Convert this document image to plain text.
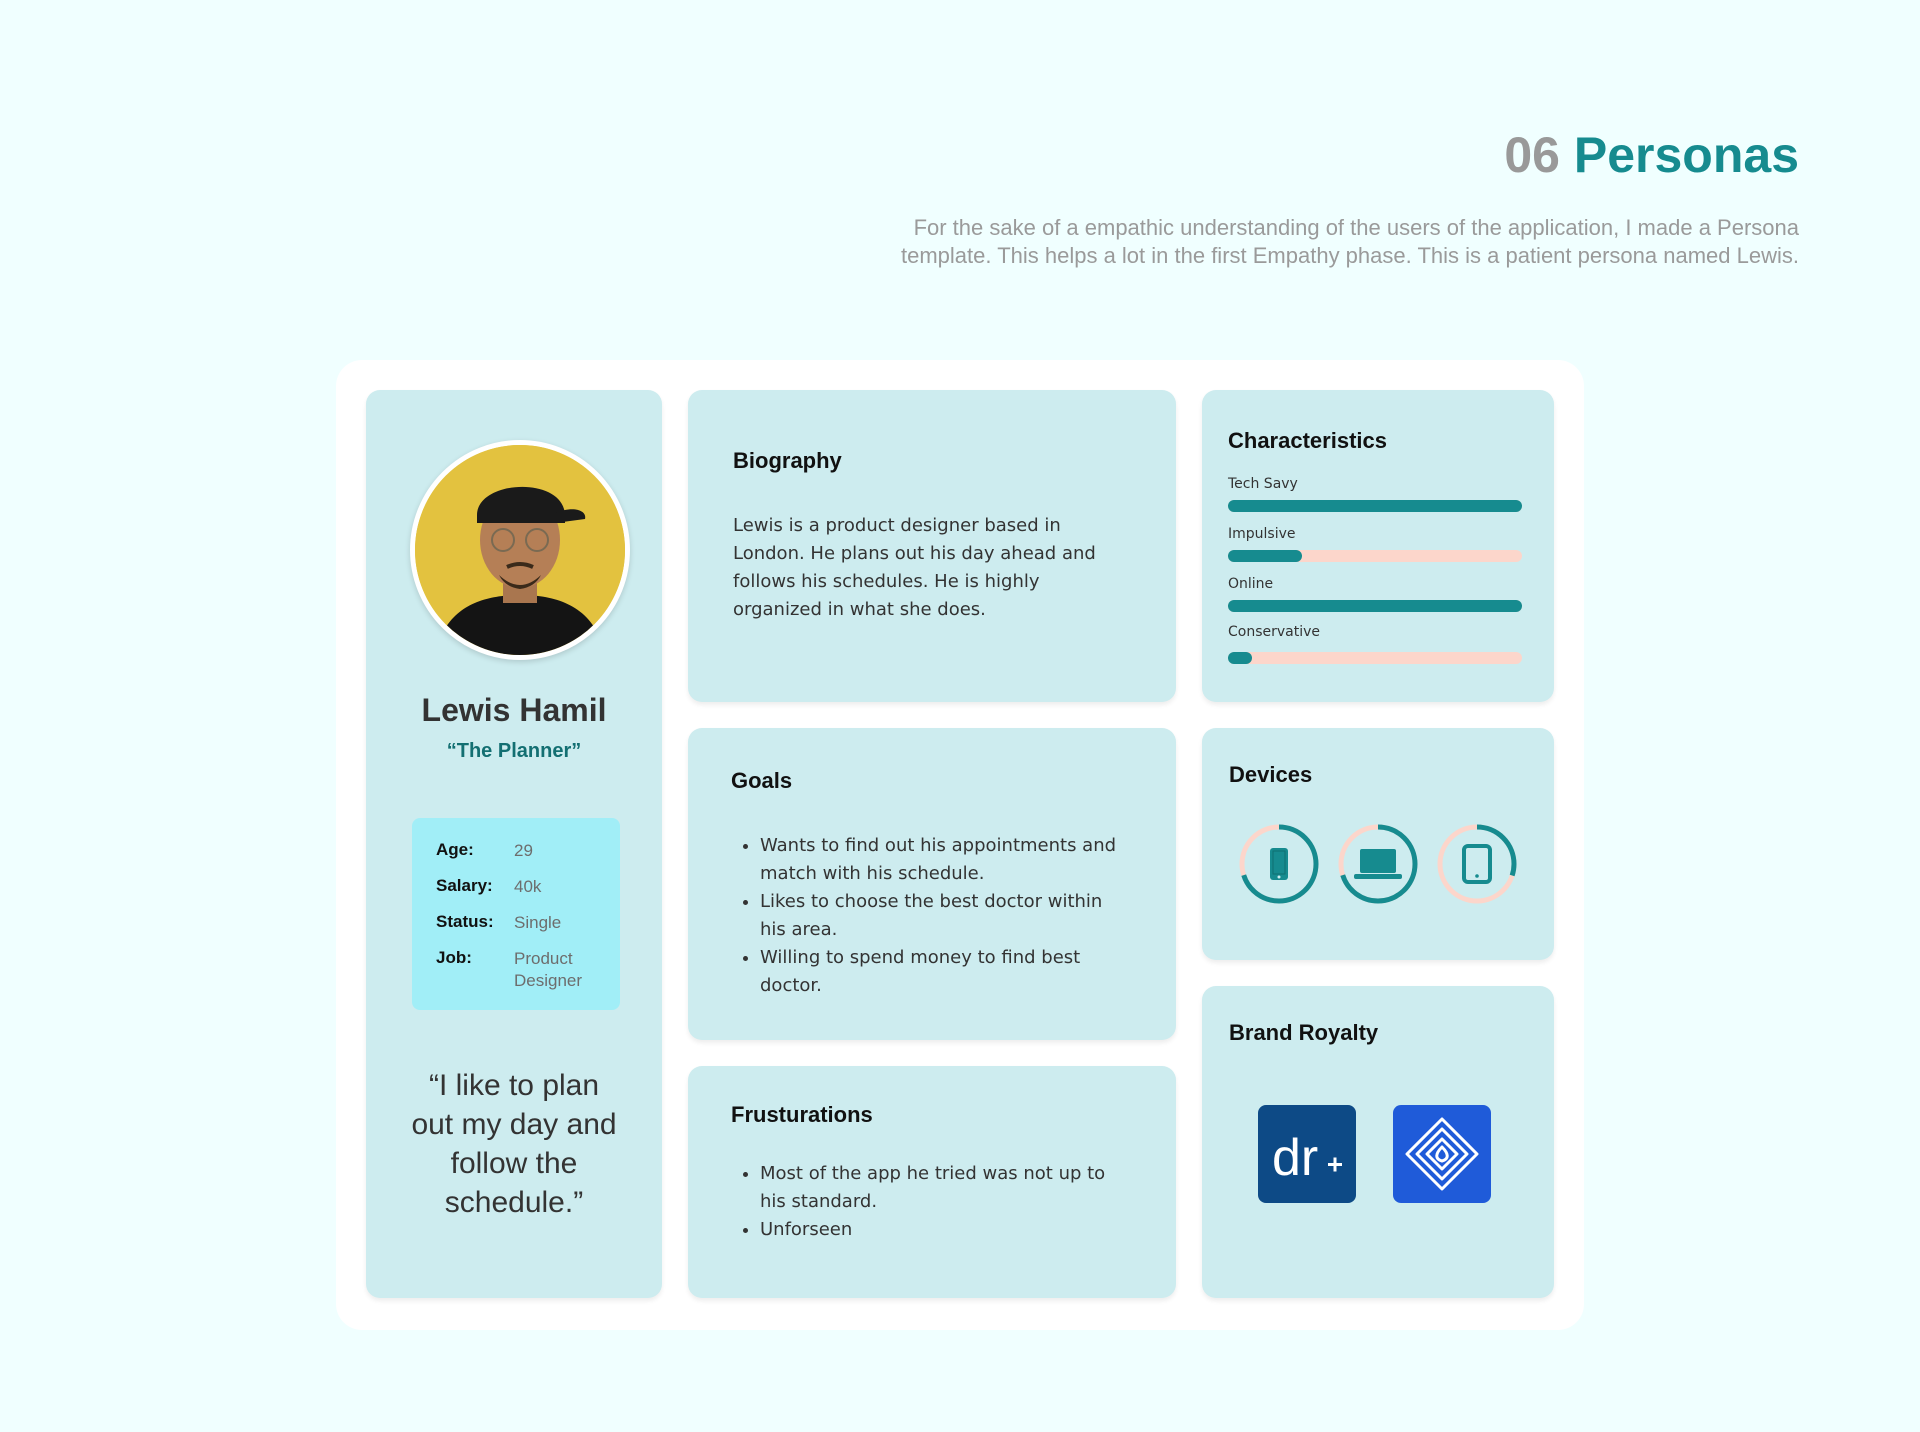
06 Personas
For the sake of a empathic understanding of the users of the application, I made a Persona template. This helps a lot in the first Empathy phase. This is a patient persona named Lewis.
Lewis Hamil
“The Planner”
Age: 29
Salary: 40k
Status: Single
Job: Product Designer
“I like to plan out my day and follow the schedule.”
Biography
Lewis is a product designer based in London. He plans out his day ahead and follows his schedules. He is highly organized in what she does.
Goals
• Wants to find out his appointments and match with his schedule.
• Likes to choose the best doctor within his area.
• Willing to spend money to find best doctor.
Frusturations
• Most of the app he tried was not up to his standard.
• Unforseen
Characteristics
Tech Savy
Impulsive
Online
Conservative
Devices
Brand Royalty
dr
